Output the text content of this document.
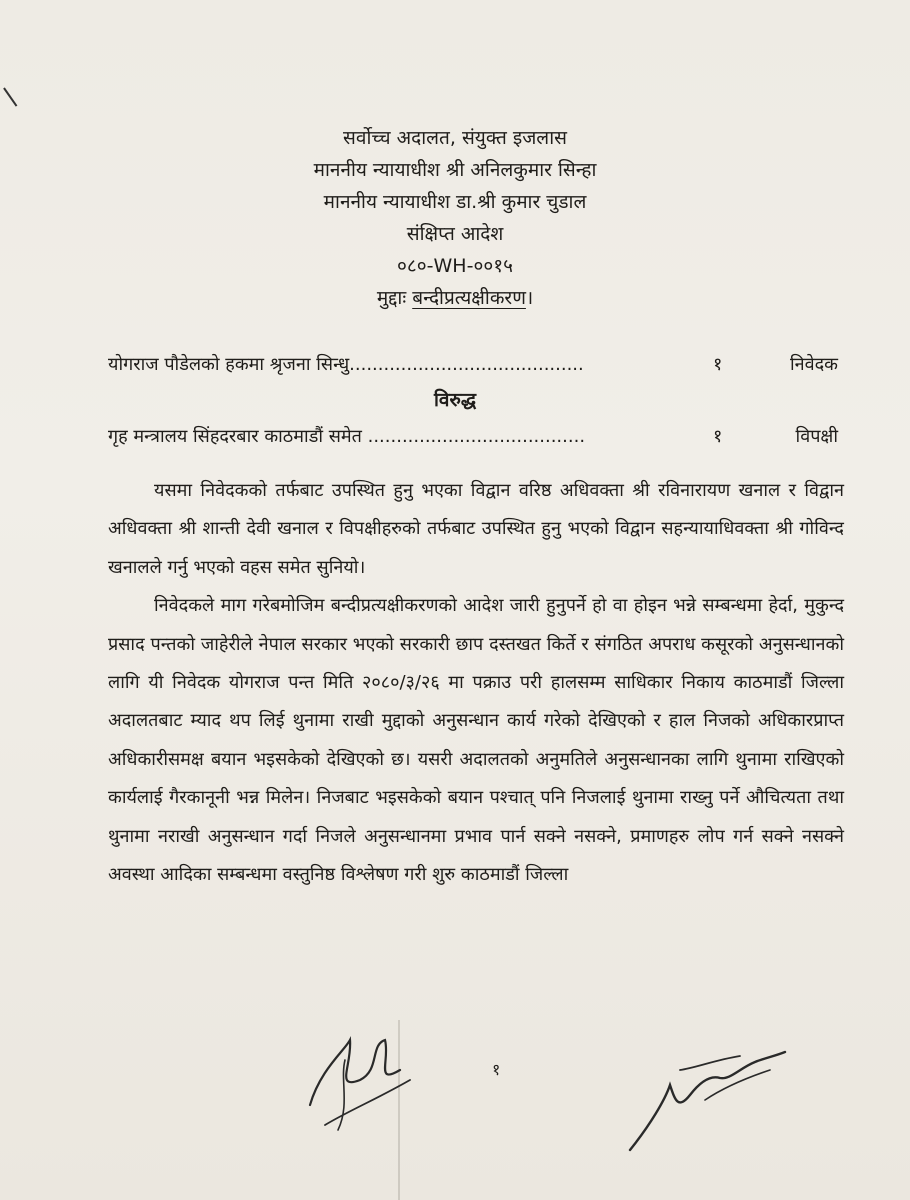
सर्वोच्च अदालत, संयुक्त इजलास
माननीय न्यायाधीश श्री अनिलकुमार सिन्हा
माननीय न्यायाधीश डा.श्री कुमार चुडाल
संक्षिप्त आदेश
०८०-WH-००१५
मुद्दाः बन्दीप्रत्यक्षीकरण।
योगराज पौडेलको हकमा श्रृजना सिन्धु.........................................	१	निवेदक
विरुद्ध
गृह मन्त्रालय सिंहदरबार काठमाडौं समेत ......................................	१	विपक्षी

यसमा निवेदकको तर्फबाट उपस्थित हुनु भएका विद्वान वरिष्ठ अधिवक्ता श्री रविनारायण खनाल र विद्वान अधिवक्ता श्री शान्ती देवी खनाल र विपक्षीहरुको तर्फबाट उपस्थित हुनु भएको विद्वान सहन्यायाधिवक्ता श्री गोविन्द खनालले गर्नु भएको वहस समेत सुनियो।

निवेदकले माग गरेबमोजिम बन्दीप्रत्यक्षीकरणको आदेश जारी हुनुपर्ने हो वा होइन भन्ने सम्बन्धमा हेर्दा, मुकुन्द प्रसाद पन्तको जाहेरीले नेपाल सरकार भएको सरकारी छाप दस्तखत किर्ते र संगठित अपराध कसूरको अनुसन्धानको लागि यी निवेदक योगराज पन्त मिति २०८०/३/२६ मा पक्राउ परी हालसम्म साधिकार निकाय काठमाडौं जिल्ला अदालतबाट म्याद थप लिई थुनामा राखी मुद्दाको अनुसन्धान कार्य गरेको देखिएको र हाल निजको अधिकारप्राप्त अधिकारीसमक्ष बयान भइसकेको देखिएको छ। यसरी अदालतको अनुमतिले अनुसन्धानका लागि थुनामा राखिएको कार्यलाई गैरकानूनी भन्न मिलेन। निजबाट भइसकेको बयान पश्चात् पनि निजलाई थुनामा राख्नु पर्ने औचित्यता तथा थुनामा नराखी अनुसन्धान गर्दा निजले अनुसन्धानमा प्रभाव पार्न सक्ने नसक्ने, प्रमाणहरु लोप गर्न सक्ने नसक्ने अवस्था आदिका सम्बन्धमा वस्तुनिष्ठ विश्लेषण गरी शुरु काठमाडौं जिल्ला

१
